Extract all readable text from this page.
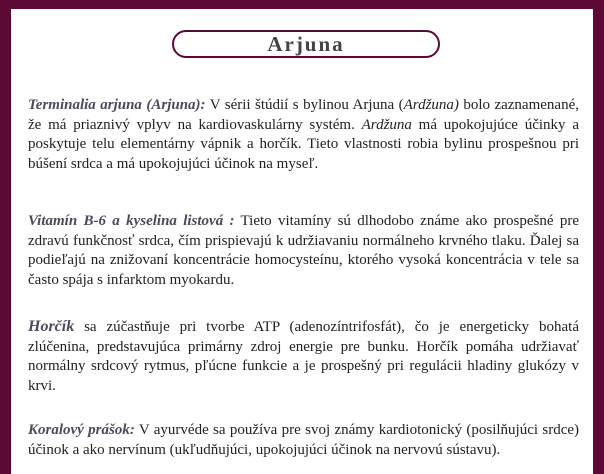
Arjuna

Terminalia arjuna (Arjuna): V sérii štúdií s bylinou Arjuna (Ardžuna) bolo zaznamenané, že má priaznivý vplyv na kardiovaskulárny systém. Ardžuna má upokojujúce účinky a poskytuje telu elementárny vápnik a horčík. Tieto vlastnosti robia bylinu prospešnou pri búšení srdca a má upokojujúci účinok na myseľ.

Vitamín B-6 a kyselina listová : Tieto vitamíny sú dlhodobo známe ako prospešné pre zdravú funkčnosť srdca, čím prispievajú k udržiavaniu normálneho krvného tlaku. Ďalej sa podieľajú na znižovaní koncentrácie homocysteínu, ktorého vysoká koncentrácia v tele sa často spája s infarktom myokardu.

Horčík sa zúčastňuje pri tvorbe ATP (adenozíntrifosfát), čo je energeticky bohatá zlúčenina, predstavujúca primárny zdroj energie pre bunku. Horčík pomáha udržiavať normálny srdcový rytmus, pľúcne funkcie a je prospešný pri regulácii hladiny glukózy v krvi.

Koralový prášok: V ayurvéde sa používa pre svoj známy kardiotonický (posilňujúci srdce) účinok a ako nervínum (ukľudňujúci, upokojujúci účinok na nervovú sústavu).
